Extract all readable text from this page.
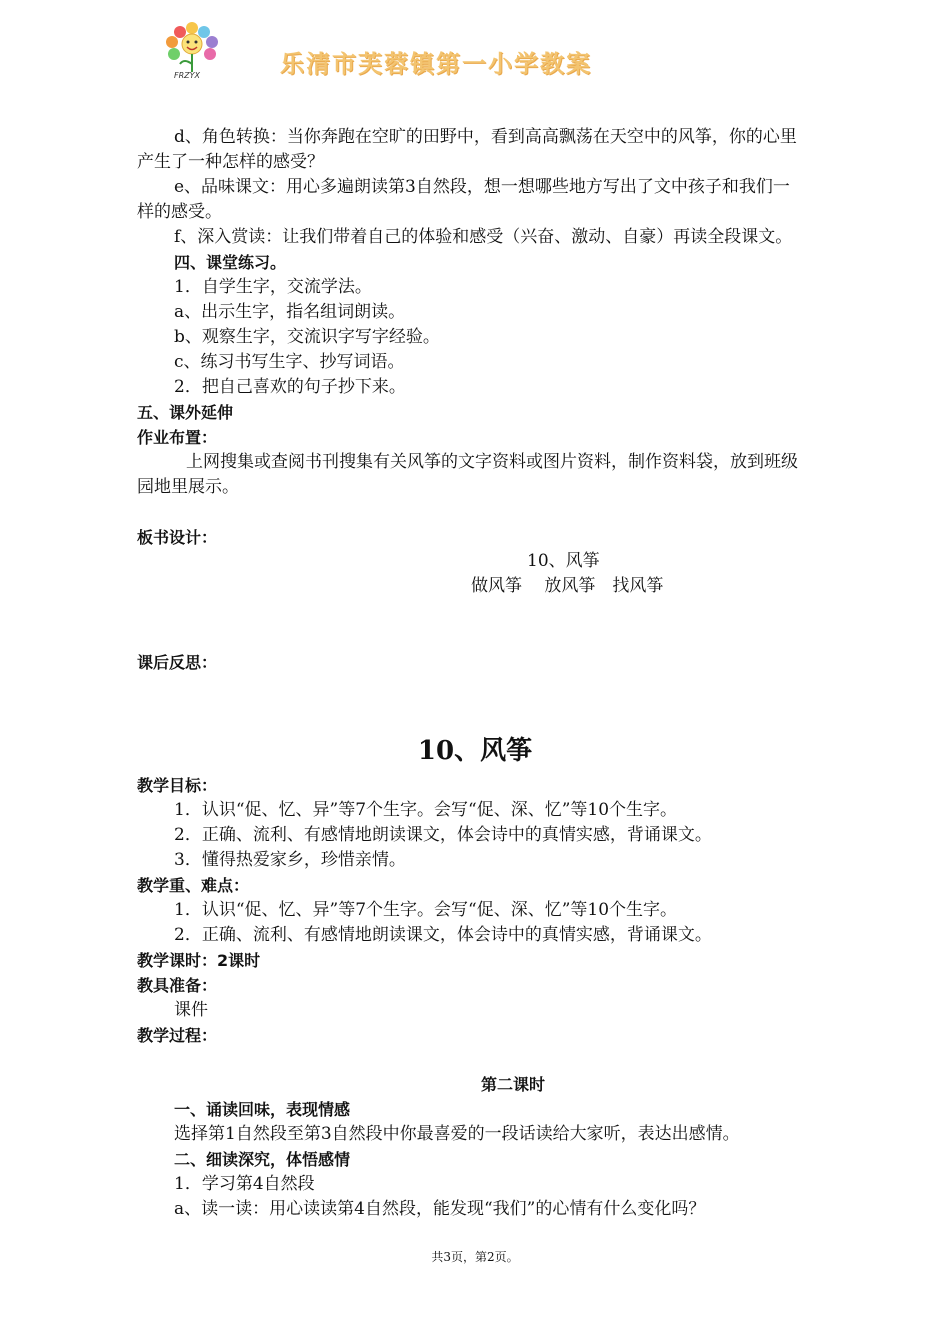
FRZYX	乐清市芙蓉镇第一小学教案
d、角色转换：当你奔跑在空旷的田野中，看到高高飘荡在天空中的风筝，你的心里
产生了一种怎样的感受？
e、品味课文：用心多遍朗读第3自然段，想一想哪些地方写出了文中孩子和我们一
样的感受。
f、深入赏读：让我们带着自己的体验和感受（兴奋、激动、自豪）再读全段课文。
四、课堂练习。
1．自学生字，交流学法。
a、出示生字，指名组词朗读。
b、观察生字，交流识字写字经验。
c、练习书写生字、抄写词语。
2．把自己喜欢的句子抄下来。
五、课外延伸
作业布置：
上网搜集或查阅书刊搜集有关风筝的文字资料或图片资料，制作资料袋，放到班级
园地里展示。
板书设计：
10、风筝
做风筝　 放风筝　找风筝
课后反思：
10、风筝
教学目标：
1．认识“促、忆、异”等7个生字。会写“促、深、忆”等10个生字。
2．正确、流利、有感情地朗读课文，体会诗中的真情实感，背诵课文。
3．懂得热爱家乡，珍惜亲情。
教学重、难点：
1．认识“促、忆、异”等7个生字。会写“促、深、忆”等10个生字。
2．正确、流利、有感情地朗读课文，体会诗中的真情实感，背诵课文。
教学课时：2课时
教具准备：
课件
教学过程：
第二课时
一、诵读回味，表现情感
选择第1自然段至第3自然段中你最喜爱的一段话读给大家听，表达出感情。
二、细读深究，体悟感情
1．学习第4自然段
a、读一读：用心读读第4自然段，能发现“我们”的心情有什么变化吗？
共3页，第2页。
